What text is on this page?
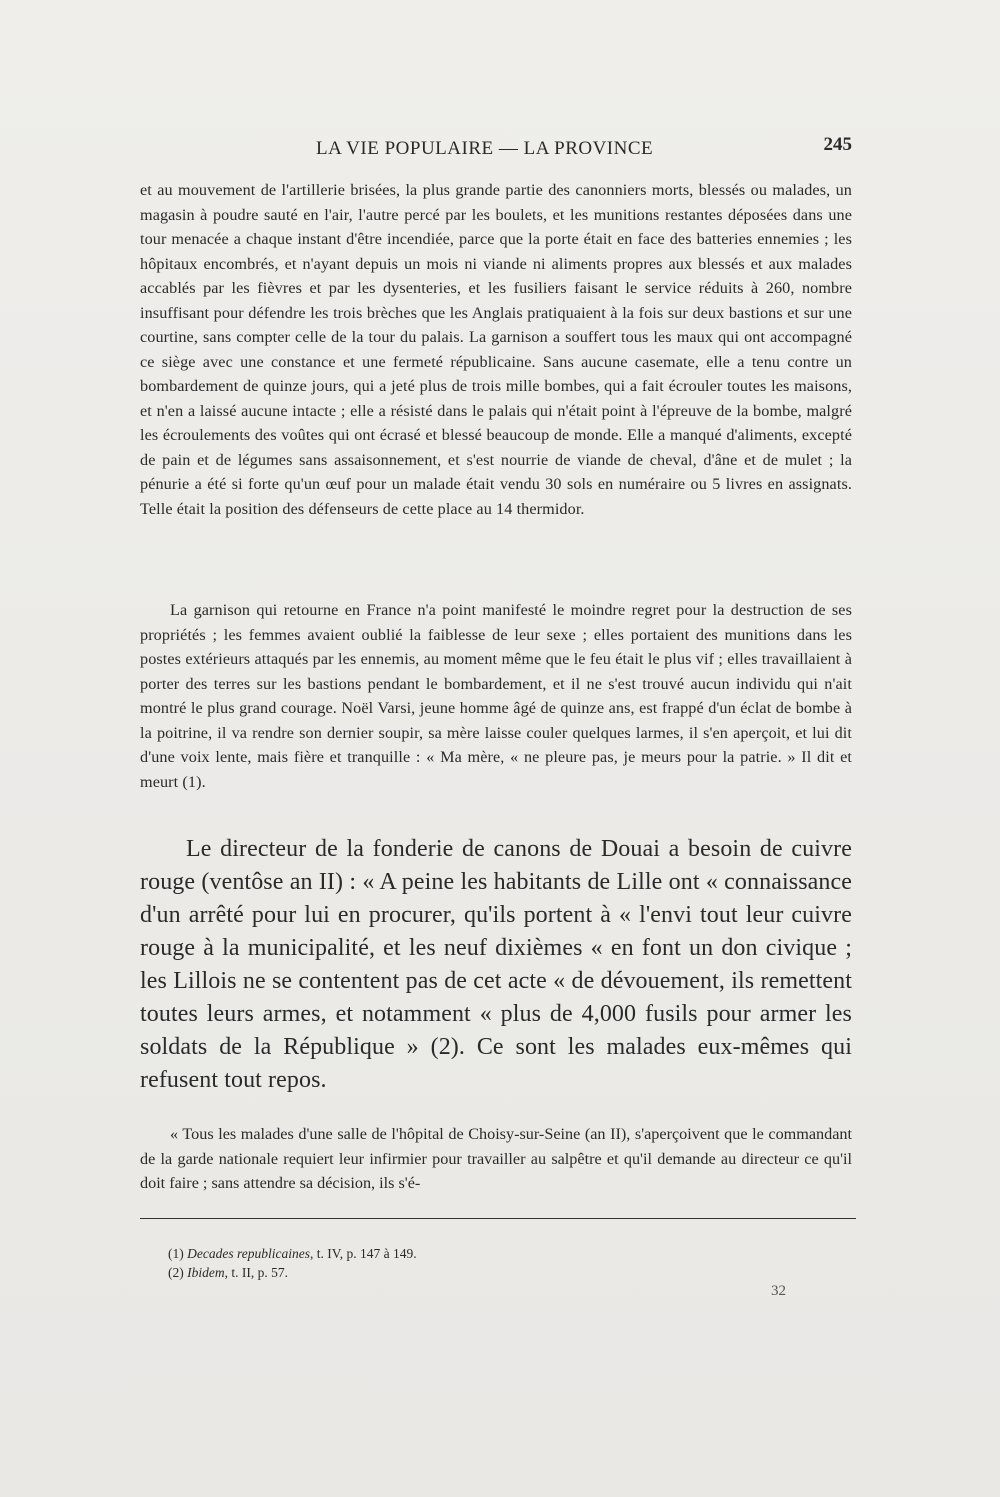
LA VIE POPULAIRE — LA PROVINCE	245

et au mouvement de l'artillerie brisées, la plus grande partie des canonniers morts, blessés ou malades, un magasin à poudre sauté en l'air, l'autre percé par les boulets, et les munitions restantes déposées dans une tour menacée a chaque instant d'être incendiée, parce que la porte était en face des batteries ennemies ; les hôpitaux encombrés, et n'ayant depuis un mois ni viande ni aliments propres aux blessés et aux malades accablés par les fièvres et par les dysenteries, et les fusiliers faisant le service réduits à 260, nombre insuffisant pour défendre les trois brèches que les Anglais pratiquaient à la fois sur deux bastions et sur une courtine, sans compter celle de la tour du palais. La garnison a souffert tous les maux qui ont accompagné ce siège avec une constance et une fermeté républicaine. Sans aucune casemate, elle a tenu contre un bombardement de quinze jours, qui a jeté plus de trois mille bombes, qui a fait écrouler toutes les maisons, et n'en a laissé aucune intacte ; elle a résisté dans le palais qui n'était point à l'épreuve de la bombe, malgré les écroulements des voûtes qui ont écrasé et blessé beaucoup de monde. Elle a manqué d'aliments, excepté de pain et de légumes sans assaisonnement, et s'est nourrie de viande de cheval, d'âne et de mulet ; la pénurie a été si forte qu'un œuf pour un malade était vendu 30 sols en numéraire ou 5 livres en assignats. Telle était la position des défenseurs de cette place au 14 thermidor.

La garnison qui retourne en France n'a point manifesté le moindre regret pour la destruction de ses propriétés ; les femmes avaient oublié la faiblesse de leur sexe ; elles portaient des munitions dans les postes extérieurs attaqués par les ennemis, au moment même que le feu était le plus vif ; elles travaillaient à porter des terres sur les bastions pendant le bombardement, et il ne s'est trouvé aucun individu qui n'ait montré le plus grand courage. Noël Varsi, jeune homme âgé de quinze ans, est frappé d'un éclat de bombe à la poitrine, il va rendre son dernier soupir, sa mère laisse couler quelques larmes, il s'en aperçoit, et lui dit d'une voix lente, mais fière et tranquille : « Ma mère, « ne pleure pas, je meurs pour la patrie. » Il dit et meurt (1).

Le directeur de la fonderie de canons de Douai a besoin de cuivre rouge (ventôse an II) : « A peine les habitants de Lille ont « connaissance d'un arrêté pour lui en procurer, qu'ils portent à « l'envi tout leur cuivre rouge à la municipalité, et les neuf dixièmes « en font un don civique ; les Lillois ne se contentent pas de cet acte « de dévouement, ils remettent toutes leurs armes, et notamment « plus de 4,000 fusils pour armer les soldats de la République » (2). Ce sont les malades eux-mêmes qui refusent tout repos.

« Tous les malades d'une salle de l'hôpital de Choisy-sur-Seine (an II), s'aperçoivent que le commandant de la garde nationale requiert leur infirmier pour travailler au salpêtre et qu'il demande au directeur ce qu'il doit faire ; sans attendre sa décision, ils s'é-

(1) Decades republicaines, t. IV, p. 147 à 149.
(2) Ibidem, t. II, p. 57.
32
